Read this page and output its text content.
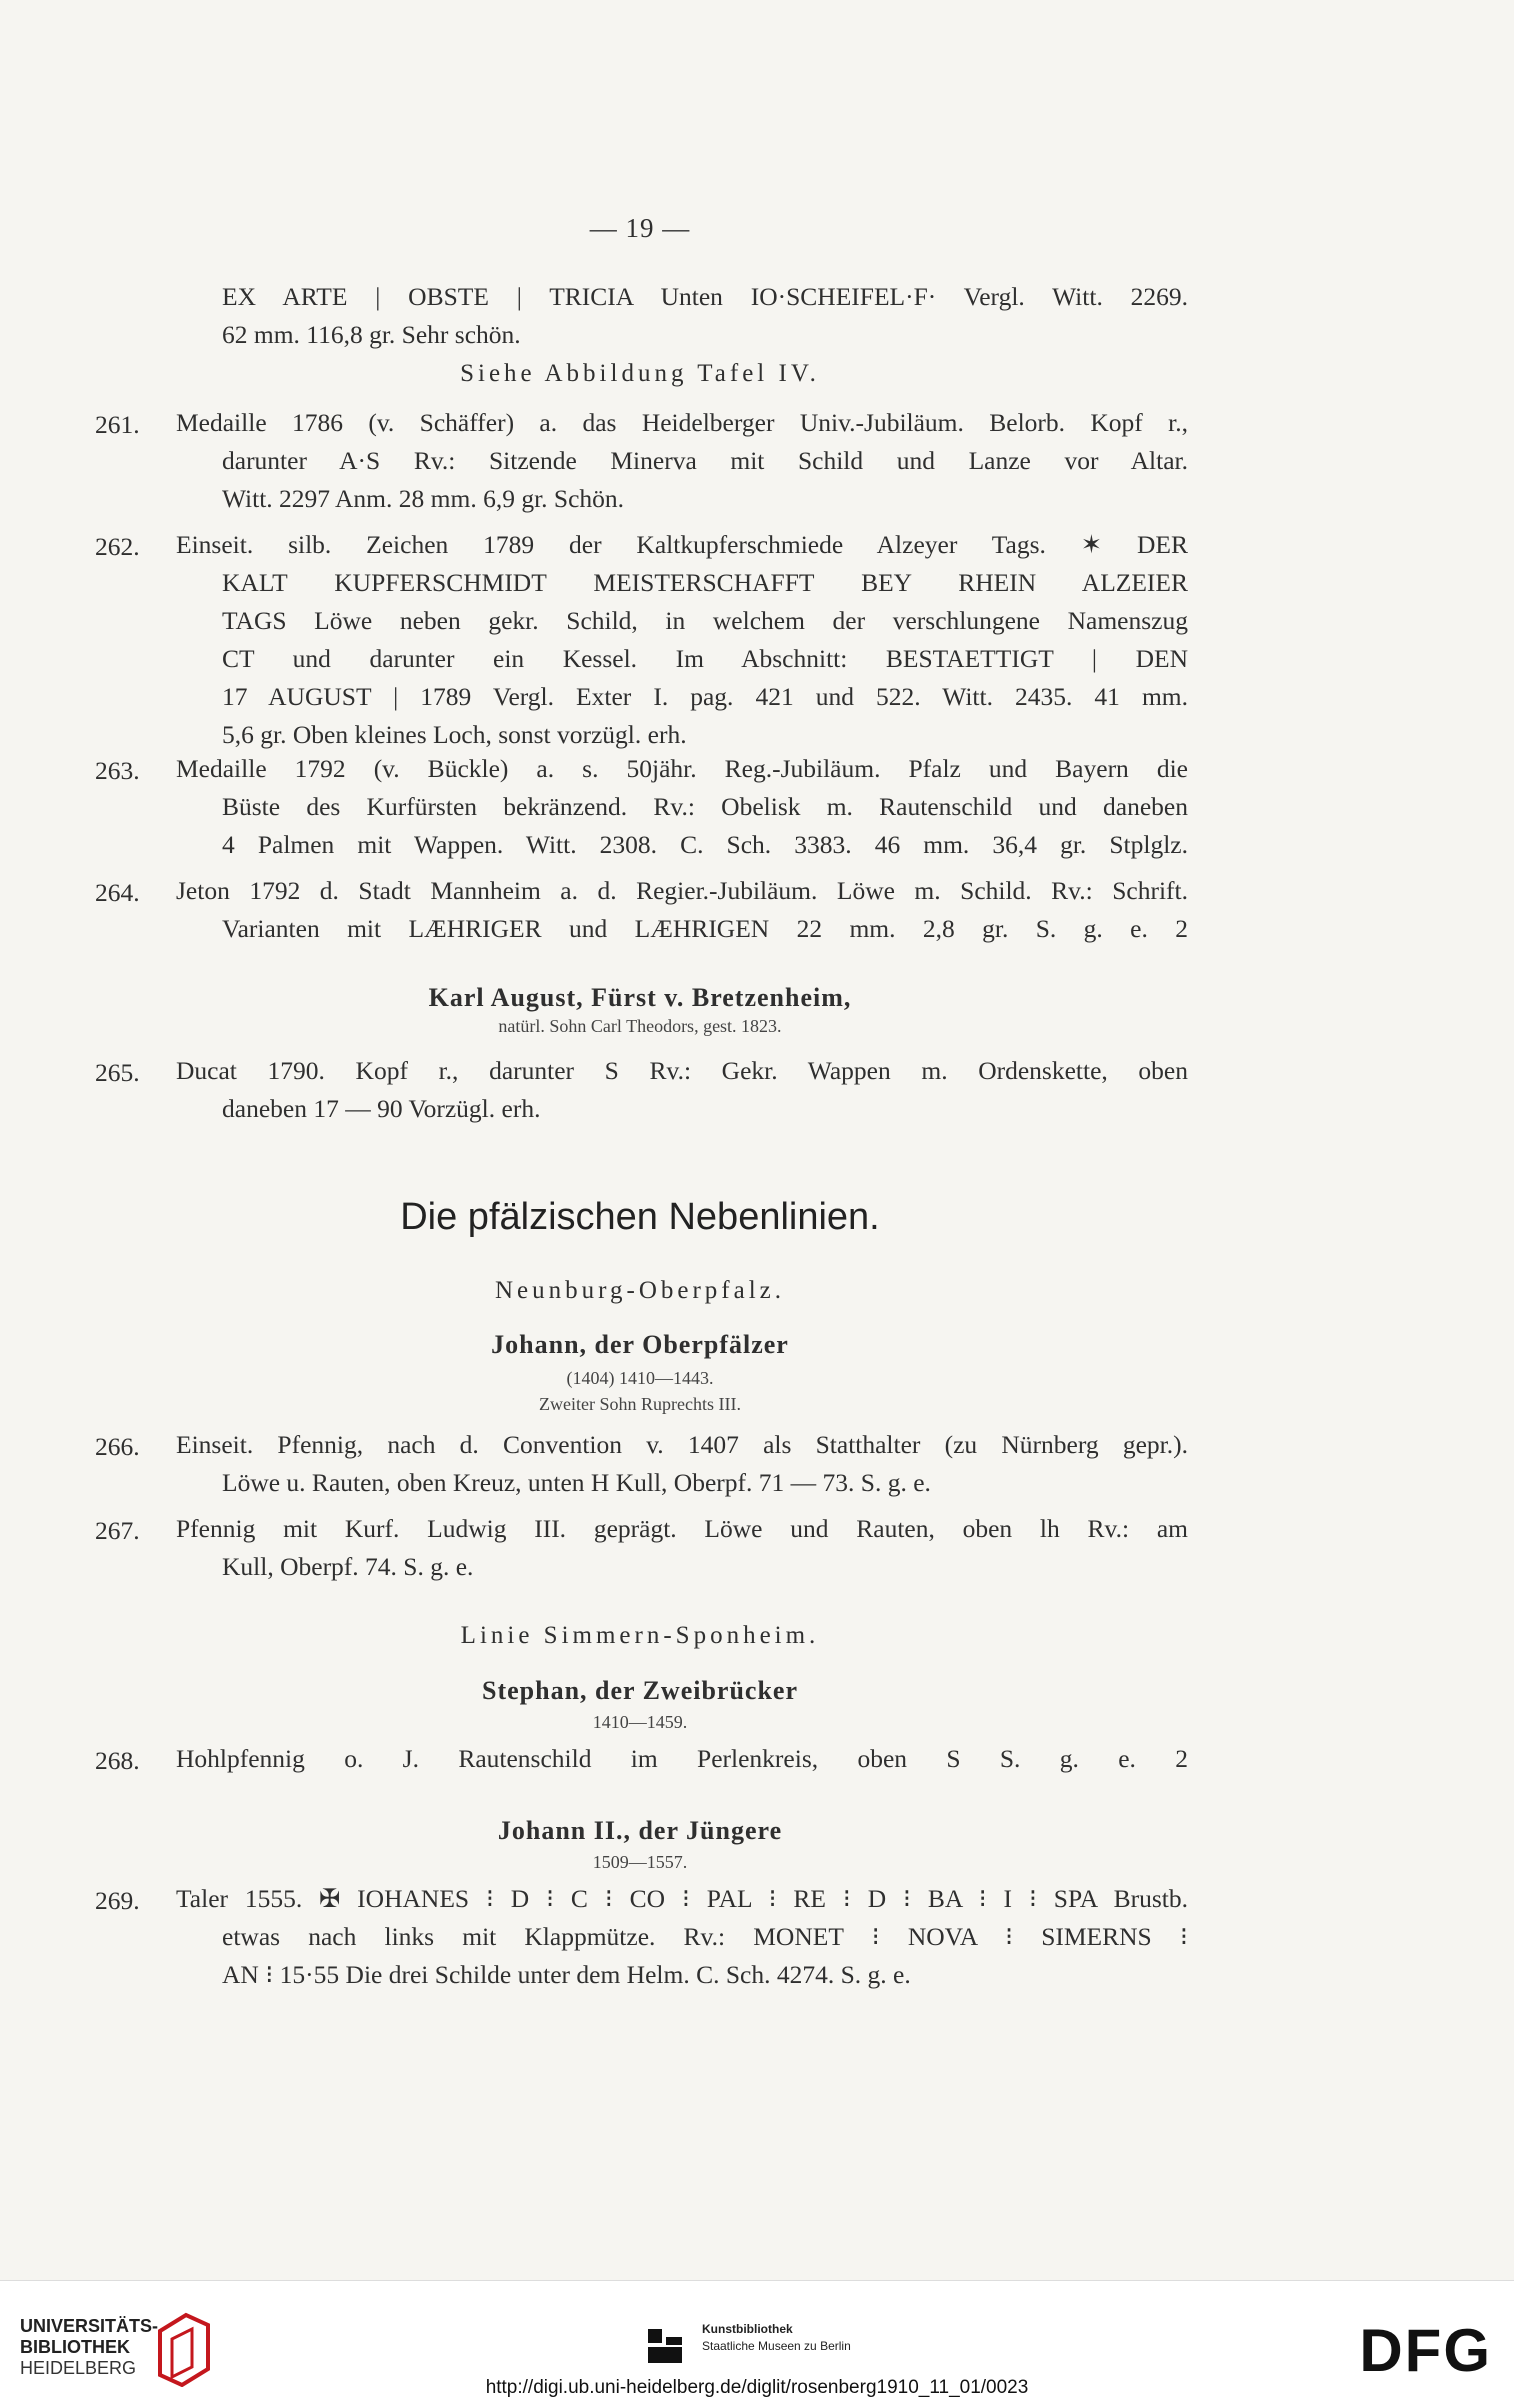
— 19 —
EX ARTE | OBSTE | TRICIA Unten IO·SCHEIFEL·F· Vergl. Witt. 2269.
62 mm. 116,8 gr. Sehr schön.
Siehe Abbildung Tafel IV.
261. Medaille 1786 (v. Schäffer) a. das Heidelberger Univ.-Jubiläum. Belorb. Kopf r.,
darunter A·S Rv.: Sitzende Minerva mit Schild und Lanze vor Altar.
Witt. 2297 Anm. 28 mm. 6,9 gr. Schön.
262. Einseit. silb. Zeichen 1789 der Kaltkupferschmiede Alzeyer Tags. ✶ DER
KALT KUPFERSCHMIDT MEISTERSCHAFFT BEY RHEIN ALZEIER
TAGS Löwe neben gekr. Schild, in welchem der verschlungene Namenszug
CT und darunter ein Kessel. Im Abschnitt: BESTAETTIGT | DEN
17 AUGUST | 1789 Vergl. Exter I. pag. 421 und 522. Witt. 2435. 41 mm.
5,6 gr. Oben kleines Loch, sonst vorzügl. erh.
263. Medaille 1792 (v. Bückle) a. s. 50jähr. Reg.-Jubiläum. Pfalz und Bayern die
Büste des Kurfürsten bekränzend. Rv.: Obelisk m. Rautenschild und daneben
4 Palmen mit Wappen. Witt. 2308. C. Sch. 3383. 46 mm. 36,4 gr. Stplglz.
264. Jeton 1792 d. Stadt Mannheim a. d. Regier.-Jubiläum. Löwe m. Schild. Rv.: Schrift.
Varianten mit LÆHRIGER und LÆHRIGEN 22 mm. 2,8 gr. S. g. e. 2
Karl August, Fürst v. Bretzenheim,
natürl. Sohn Carl Theodors, gest. 1823.
265. Ducat 1790. Kopf r., darunter S Rv.: Gekr. Wappen m. Ordenskette, oben
daneben 17 — 90 Vorzügl. erh.
Die pfälzischen Nebenlinien.
Neunburg-Oberpfalz.
Johann, der Oberpfälzer
(1404) 1410—1443.
Zweiter Sohn Ruprechts III.
266. Einseit. Pfennig, nach d. Convention v. 1407 als Statthalter (zu Nürnberg gepr.).
Löwe u. Rauten, oben Kreuz, unten H Kull, Oberpf. 71 — 73. S. g. e.
267. Pfennig mit Kurf. Ludwig III. geprägt. Löwe und Rauten, oben lh Rv.: am
Kull, Oberpf. 74. S. g. e.
Linie Simmern-Sponheim.
Stephan, der Zweibrücker
1410—1459.
268. Hohlpfennig o. J. Rautenschild im Perlenkreis, oben S S. g. e. 2
Johann II., der Jüngere
1509—1557.
269. Taler 1555. ✠ IOHANES ⁝ D ⁝ C ⁝ CO ⁝ PAL ⁝ RE ⁝ D ⁝ BA ⁝ I ⁝ SPA Brustb.
etwas nach links mit Klappmütze. Rv.: MONET ⁝ NOVA ⁝ SIMERNS ⁝
AN ⁝ 15·55 Die drei Schilde unter dem Helm. C. Sch. 4274. S. g. e.
UNIVERSITÄTS-
BIBLIOTHEK
HEIDELBERG
Kunstbibliothek
Staatliche Museen zu Berlin	DFG
http://digi.ub.uni-heidelberg.de/diglit/rosenberg1910_11_01/0023
